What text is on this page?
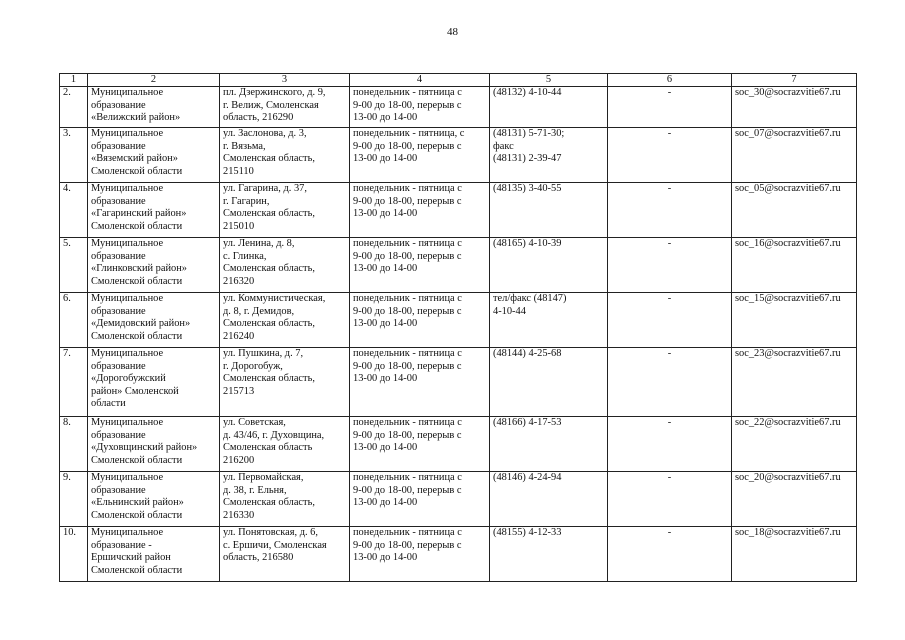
48
1	2	3	4	5	6	7
2.	Муниципальное
образование
«Велижский район»	пл. Дзержинского, д. 9,
г. Велиж, Смоленская
область, 216290	понедельник - пятница с
9-00 до 18-00, перерыв с
13-00 до 14-00	(48132) 4-10-44	-	soc_30@socrazvitie67.ru
3.	Муниципальное
образование
«Вяземский район»
Смоленской области	ул. Заслонова, д. 3,
г. Вязьма,
Смоленская область,
215110	понедельник - пятница, с
9-00 до 18-00, перерыв с
13-00 до 14-00	(48131) 5-71-30;
факс
(48131) 2-39-47	-	soc_07@socrazvitie67.ru
4.	Муниципальное
образование
«Гагаринский район»
Смоленской области	ул. Гагарина, д. 37,
г. Гагарин,
Смоленская область,
215010	понедельник - пятница с
9-00 до 18-00, перерыв с
13-00 до 14-00	(48135) 3-40-55	-	soc_05@socrazvitie67.ru
5.	Муниципальное
образование
«Глинковский район»
Смоленской области	ул. Ленина, д. 8,
с. Глинка,
Смоленская область,
216320	понедельник - пятница с
9-00 до 18-00, перерыв с
13-00 до 14-00	(48165) 4-10-39	-	soc_16@socrazvitie67.ru
6.	Муниципальное
образование
«Демидовский район»
Смоленской области	ул. Коммунистическая,
д. 8, г. Демидов,
Смоленская область,
216240	понедельник - пятница с
9-00 до 18-00, перерыв с
13-00 до 14-00	тел/факс (48147)
4-10-44	-	soc_15@socrazvitie67.ru
7.	Муниципальное
образование
«Дорогобужский
район» Смоленской
области	ул. Пушкина, д. 7,
г. Дорогобуж,
Смоленская область,
215713	понедельник - пятница с
9-00 до 18-00, перерыв с
13-00 до 14-00	(48144) 4-25-68	-	soc_23@socrazvitie67.ru
8.	Муниципальное
образование
«Духовщинский район»
Смоленской области	ул. Советская,
д. 43/46, г. Духовщина,
Смоленская область
216200	понедельник - пятница с
9-00 до 18-00, перерыв с
13-00 до 14-00	(48166) 4-17-53	-	soc_22@socrazvitie67.ru
9.	Муниципальное
образование
«Ельнинский район»
Смоленской области	ул. Первомайская,
д. 38, г. Ельня,
Смоленская область,
216330	понедельник - пятница с
9-00 до 18-00, перерыв с
13-00 до 14-00	(48146) 4-24-94	-	soc_20@socrazvitie67.ru
10.	Муниципальное
образование -
Ершичский район
Смоленской области	ул. Понятовская, д. 6,
с. Ершичи, Смоленская
область, 216580	понедельник - пятница с
9-00 до 18-00, перерыв с
13-00 до 14-00	(48155) 4-12-33	-	soc_18@socrazvitie67.ru
